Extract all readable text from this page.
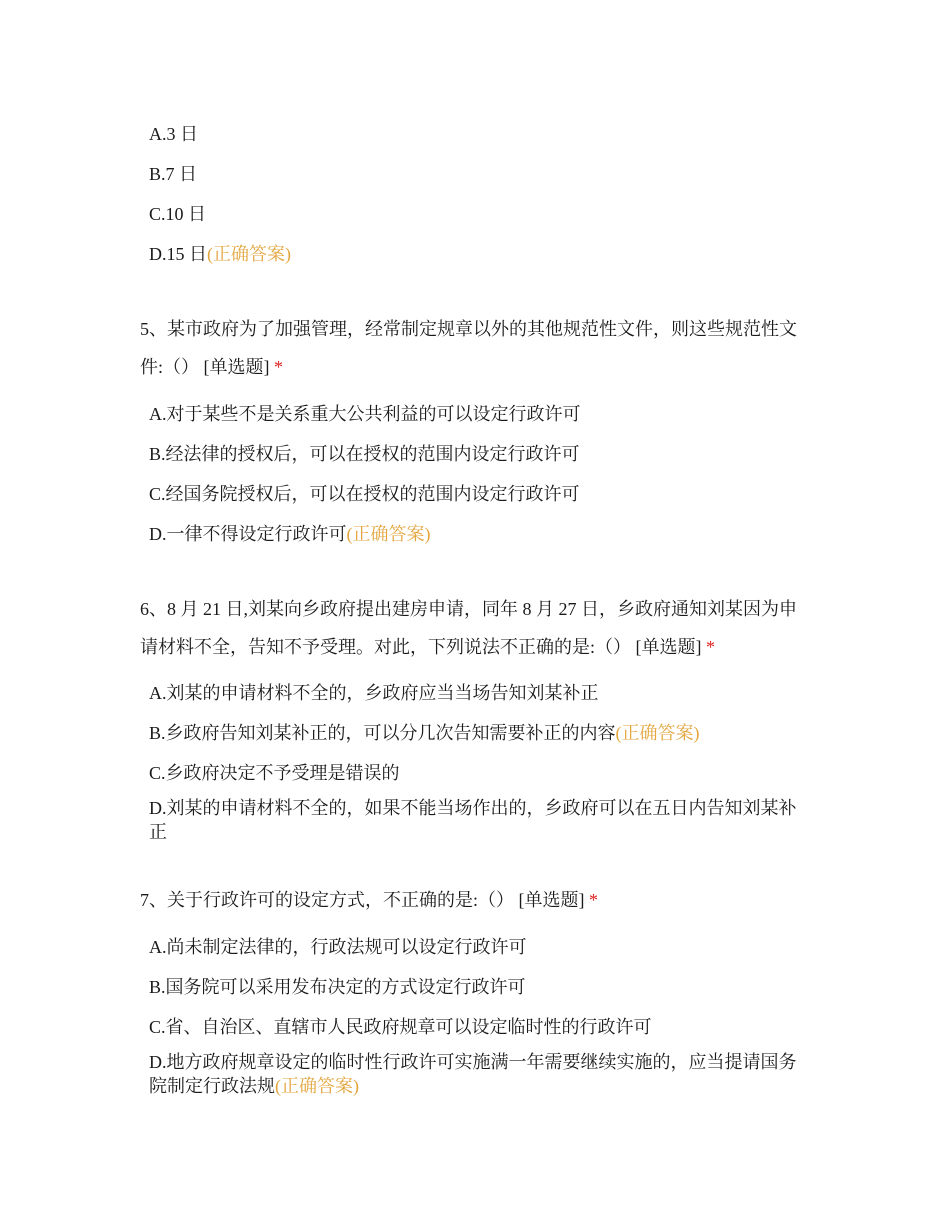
A.3 日
B.7 日
C.10 日
D.15 日(正确答案)
5、某市政府为了加强管理，经常制定规章以外的其他规范性文件，则这些规范性文件:（） [单选题] *
A.对于某些不是关系重大公共利益的可以设定行政许可
B.经法律的授权后，可以在授权的范围内设定行政许可
C.经国务院授权后，可以在授权的范围内设定行政许可
D.一律不得设定行政许可(正确答案)
6、8 月 21 日,刘某向乡政府提出建房申请，同年 8 月 27 日，乡政府通知刘某因为申请材料不全，告知不予受理。对此，下列说法不正确的是:（） [单选题] *
A.刘某的申请材料不全的，乡政府应当当场告知刘某补正
B.乡政府告知刘某补正的，可以分几次告知需要补正的内容(正确答案)
C.乡政府决定不予受理是错误的
D.刘某的申请材料不全的，如果不能当场作出的，乡政府可以在五日内告知刘某补正
7、关于行政许可的设定方式，不正确的是:（） [单选题] *
A.尚未制定法律的，行政法规可以设定行政许可
B.国务院可以采用发布决定的方式设定行政许可
C.省、自治区、直辖市人民政府规章可以设定临时性的行政许可
D.地方政府规章设定的临时性行政许可实施满一年需要继续实施的，应当提请国务院制定行政法规(正确答案)
